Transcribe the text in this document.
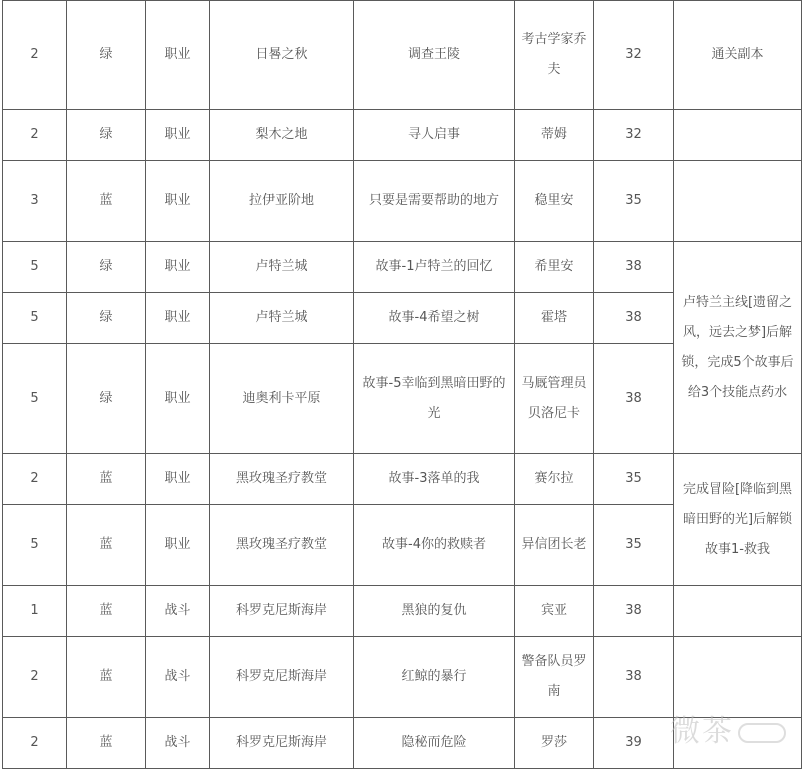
2	绿	职业	日晷之秋	调查王陵	考古学家乔夫	32	通关副本
2	绿	职业	梨木之地	寻人启事	蒂姆	32	
3	蓝	职业	拉伊亚阶地	只要是需要帮助的地方	稳里安	35	
5	绿	职业	卢特兰城	故事-1卢特兰的回忆	希里安	38	卢特兰主线[遗留之风，远去之梦]后解锁，完成5个故事后给3个技能点药水
5	绿	职业	卢特兰城	故事-4希望之树	霍塔	38	
5	绿	职业	迪奥利卡平原	故事-5幸临到黑暗田野的光	马厩管理员贝洛尼卡	38	
2	蓝	职业	黑玫瑰圣疗教堂	故事-3落单的我	赛尔拉	35	完成冒险[降临到黑暗田野的光]后解锁故事1-救我
5	蓝	职业	黑玫瑰圣疗教堂	故事-4你的救赎者	异信团长老	35	
1	蓝	战斗	科罗克尼斯海岸	黑狼的复仇	宾亚	38	
2	蓝	战斗	科罗克尼斯海岸	红鲸的暴行	警备队员罗南	38	
2	蓝	战斗	科罗克尼斯海岸	隐秘而危险	罗莎	39	微茶
